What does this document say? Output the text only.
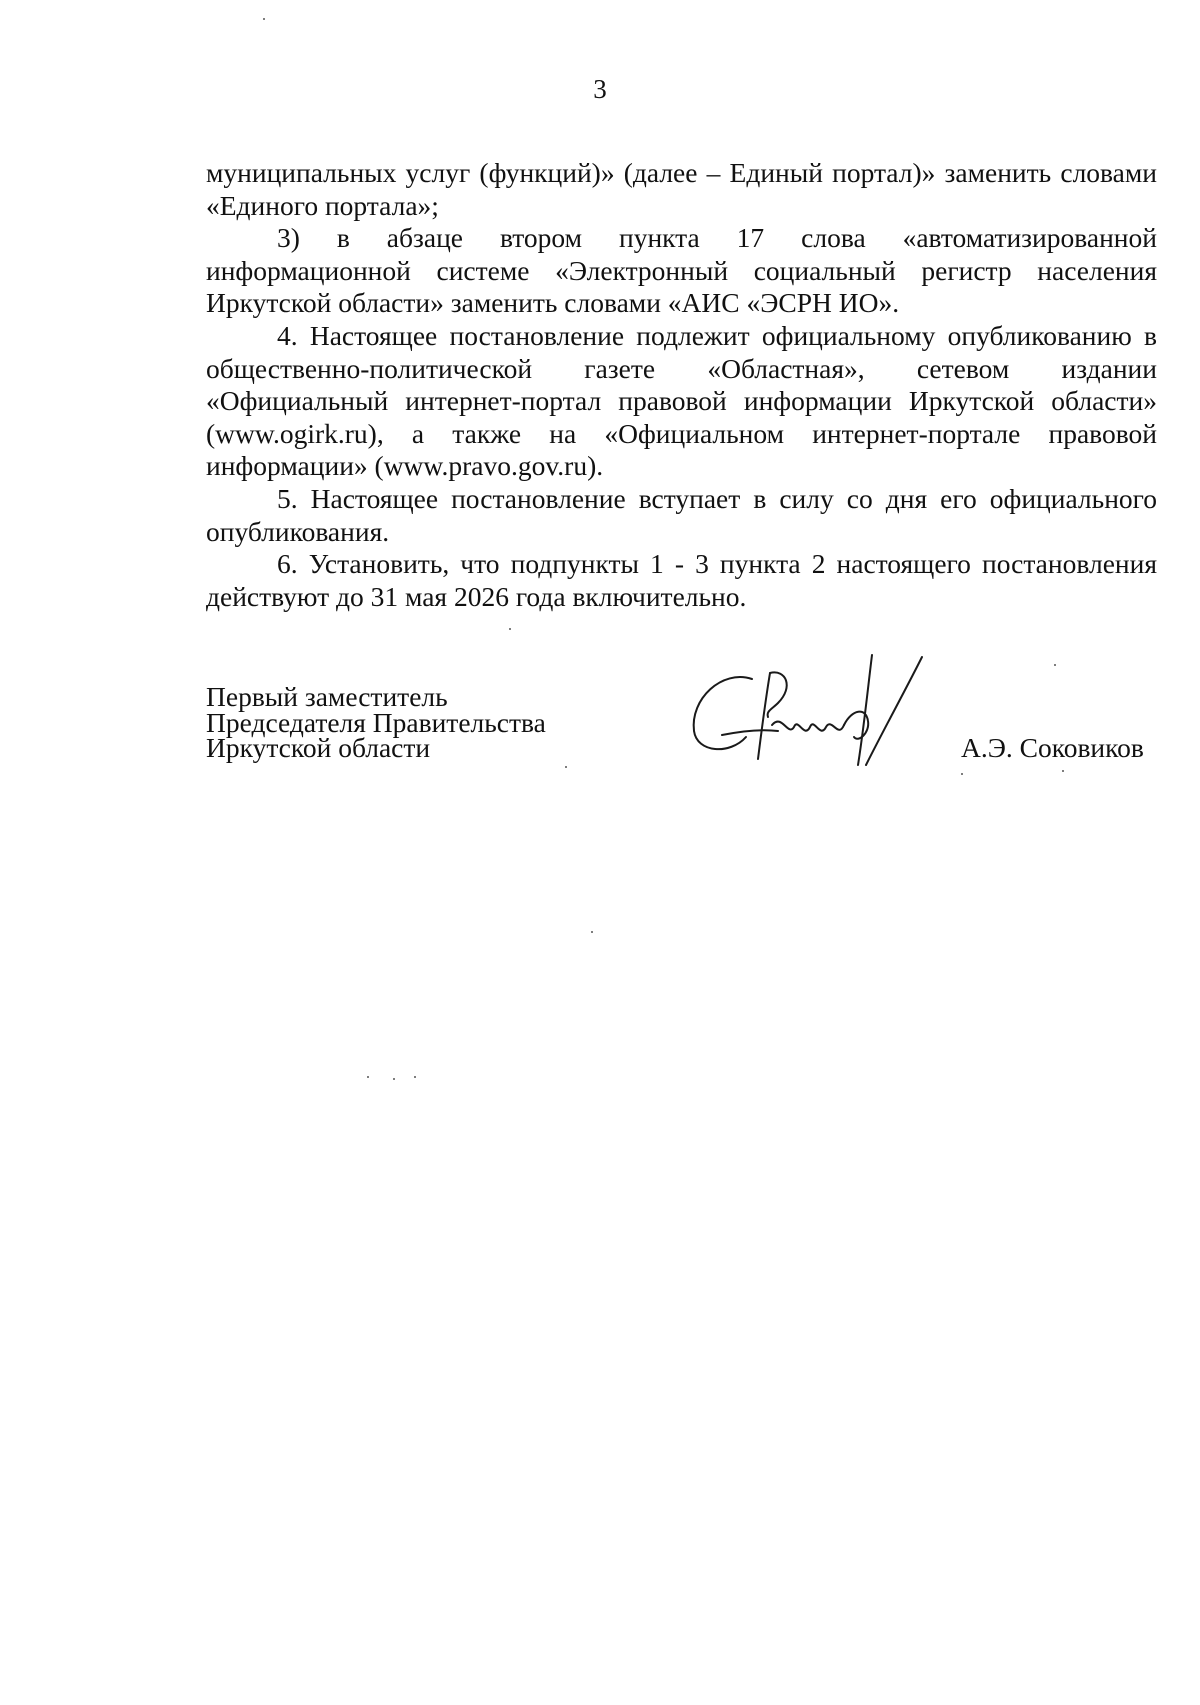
3

муниципальных услуг (функций)» (далее – Единый портал)» заменить словами «Единого портала»;

3) в абзаце втором пункта 17 слова «автоматизированной информационной системе «Электронный социальный регистр населения Иркутской области» заменить словами «АИС «ЭСРН ИО».

4. Настоящее постановление подлежит официальному опубликованию в общественно-политической газете «Областная», сетевом издании «Официальный интернет-портал правовой информации Иркутской области» (www.ogirk.ru), а также на «Официальном интернет-портале правовой информации» (www.pravo.gov.ru).

5. Настоящее постановление вступает в силу со дня его официального опубликования.

6. Установить, что подпункты 1 - 3 пункта 2 настоящего постановления действуют до 31 мая 2026 года включительно.

Первый заместитель
Председателя Правительства
Иркутской области	А.Э. Соковиков
